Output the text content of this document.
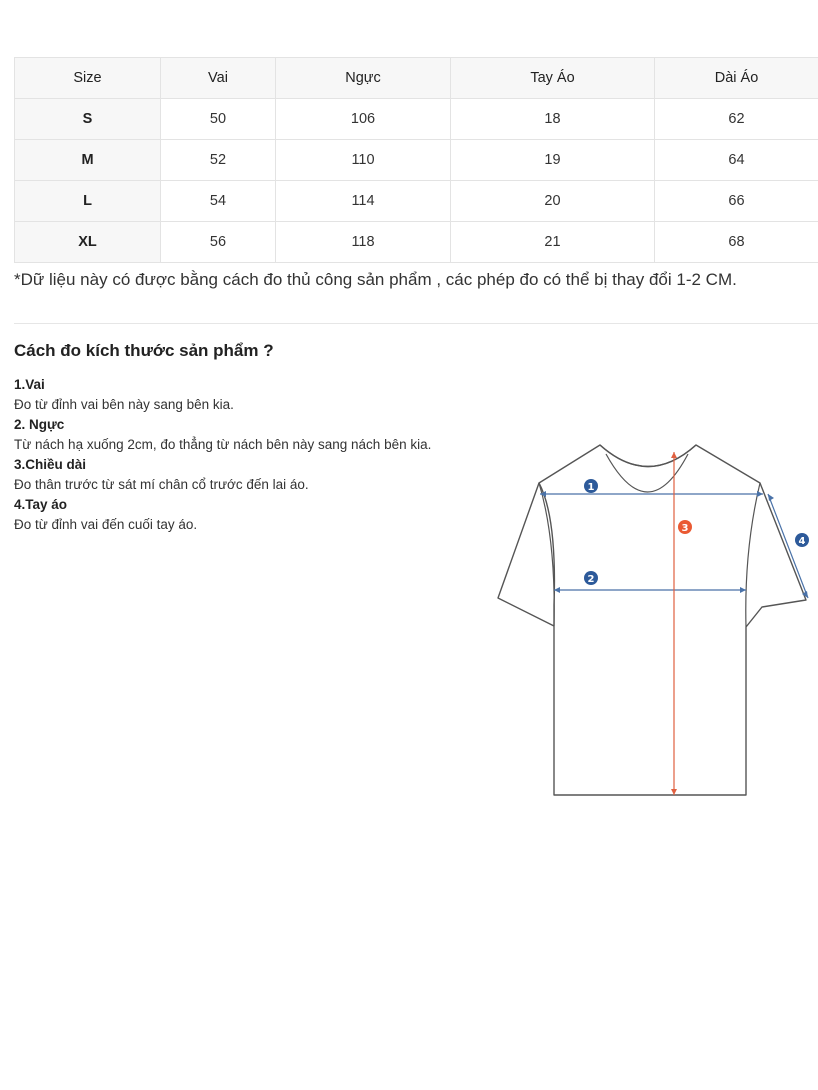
Size	Vai	Ngực	Tay Áo	Dài Áo
S	50	106	18	62
M	52	110	19	64
L	54	114	20	66
XL	56	118	21	68
*Dữ liệu này có được bằng cách đo thủ công sản phẩm , các phép đo có thể bị thay đổi 1-2 CM.
Cách đo kích thước sản phẩm ?
1.Vai
Đo từ đỉnh vai bên này sang bên kia.
2. Ngực
Từ nách hạ xuống 2cm, đo thẳng từ nách bên này sang nách bên kia.
3.Chiều dài
Đo thân trước từ sát mí chân cổ trước đến lai áo.
4.Tay áo
Đo từ đỉnh vai đến cuối tay áo.
1
2
3
4
